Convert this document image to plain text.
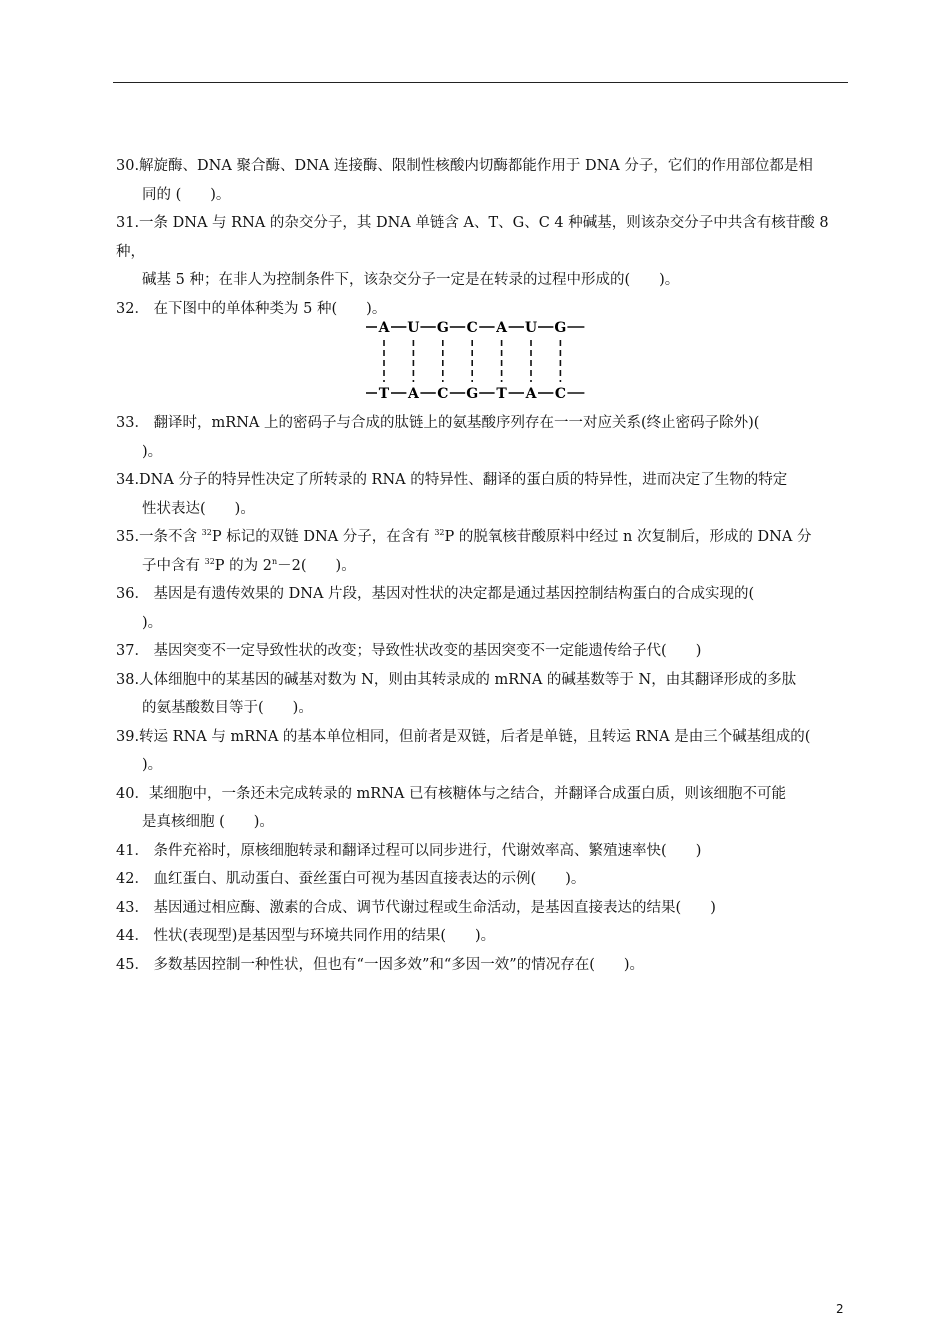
30.解旋酶、DNA 聚合酶、DNA 连接酶、限制性核酸内切酶都能作用于 DNA 分子，它们的作用部位都是相
同的 (　　)。

31.一条 DNA 与 RNA 的杂交分子，其 DNA 单链含 A、T、G、C 4 种碱基，则该杂交分子中共含有核苷酸 8 种，
碱基 5 种；在非人为控制条件下，该杂交分子一定是在转录的过程中形成的(　　)。

32． 在下图中的单体种类为 5 种(　　)。

A U G C A U G
T A C G T A C

33． 翻译时，mRNA 上的密码子与合成的肽链上的氨基酸序列存在一一对应关系(终止密码子除外)(
)。

34.DNA 分子的特异性决定了所转录的 RNA 的特异性、翻译的蛋白质的特异性，进而决定了生物的特定
性状表达(　　)。

35.一条不含 $^{32}$P 标记的双链 DNA 分子，在含有 $^{32}$P 的脱氧核苷酸原料中经过 n 次复制后，形成的 DNA 分
子中含有 $^{32}$P 的为 $2^n-2$(　　)。

36． 基因是有遗传效果的 DNA 片段，基因对性状的决定都是通过基因控制结构蛋白的合成实现的(
)。

37． 基因突变不一定导致性状的改变；导致性状改变的基因突变不一定能遗传给子代(　　)

38.人体细胞中的某基因的碱基对数为 N，则由其转录成的 mRNA 的碱基数等于 N，由其翻译形成的多肽
的氨基酸数目等于(　　)。

39.转运 RNA 与 mRNA 的基本单位相同，但前者是双链，后者是单链，且转运 RNA 是由三个碱基组成的(
)。

40．某细胞中，一条还未完成转录的 mRNA 已有核糖体与之结合，并翻译合成蛋白质，则该细胞不可能
是真核细胞 (　　)。

41． 条件充裕时，原核细胞转录和翻译过程可以同步进行，代谢效率高、繁殖速率快(　　)

42． 血红蛋白、肌动蛋白、蚕丝蛋白可视为基因直接表达的示例(　　)。

43． 基因通过相应酶、激素的合成、调节代谢过程或生命活动，是基因直接表达的结果(　　)

44． 性状(表现型)是基因型与环境共同作用的结果(　　)。

45． 多数基因控制一种性状，但也有“一因多效”和“多因一效”的情况存在(　　)。

2
